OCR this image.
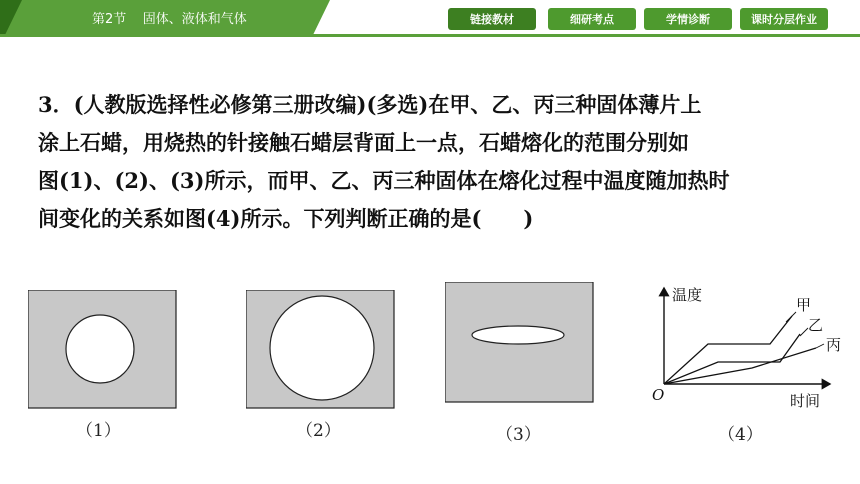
第2节    固体、液体和气体	链接教材	细研考点	学情诊断	课时分层作业

3．(人教版选择性必修第三册改编)(多选)在甲、乙、丙三种固体薄片上

涂上石蜡，用烧热的针接触石蜡层背面上一点，石蜡熔化的范围分别如

图(1)、(2)、(3)所示，而甲、乙、丙三种固体在熔化过程中温度随加热时

间变化的关系如图(4)所示。下列判断正确的是(　　)

（1）	（2）	（3）
温度
时间
O
甲
乙
丙
（4）
